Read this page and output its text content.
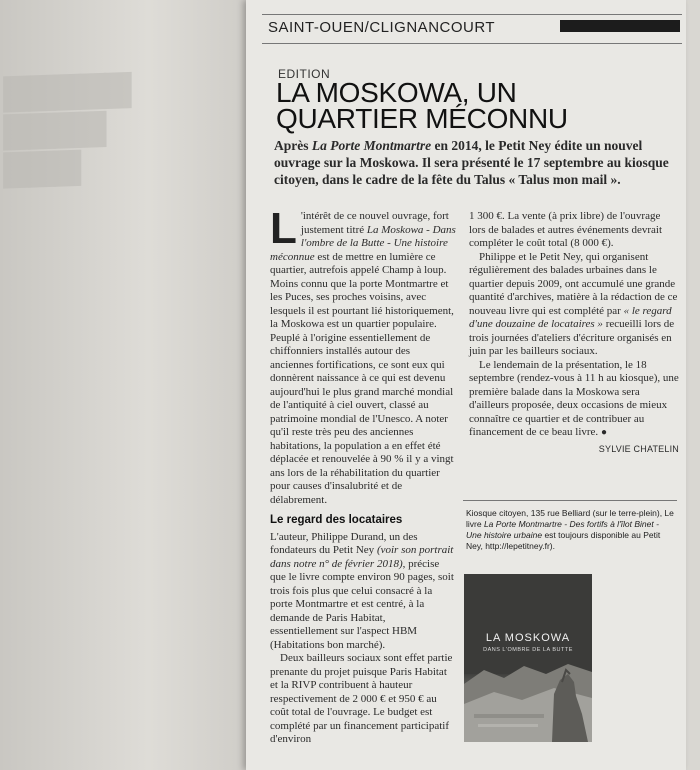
▇▇▇▇▇
▇▇▇▇
▇▇▇
SAINT-OUEN/CLIGNANCOURT
EDITION
LA MOSKOWA, UN
QUARTIER MÉCONNU
Après La Porte Montmartre en 2014, le Petit Ney édite un nouvel ouvrage sur la Moskowa. Il sera présenté le 17 septembre au kiosque citoyen, dans le cadre de la fête du Talus « Talus mon mail ».

L 'intérêt de ce nouvel ouvrage, fort justement titré La Moskowa - Dans l'ombre de la Butte - Une histoire méconnue est de mettre en lumière ce quartier, autrefois appelé Champ à loup. Moins connu que la porte Montmartre et les Puces, ses proches voisins, avec lesquels il est pourtant lié historiquement, la Moskowa est un quartier populaire. Peuplé à l'origine essentiellement de chiffonniers installés autour des anciennes fortifications, ce sont eux qui donnèrent naissance à ce qui est devenu aujourd'hui le plus grand marché mondial de l'antiquité à ciel ouvert, classé au patrimoine mondial de l'Unesco. A noter qu'il reste très peu des anciennes habitations, la population a en effet été déplacée et renouvelée à 90 % il y a vingt ans lors de la réhabilitation du quartier pour causes d'insalubrité et de délabrement.

Le regard des locataires

L'auteur, Philippe Durand, un des fondateurs du Petit Ney (voir son portrait dans notre n° de février 2018), précise que le livre compte environ 90 pages, soit trois fois plus que celui consacré à la porte Montmartre et est centré, à la demande de Paris Habitat, essentiellement sur l'aspect HBM (Habitations bon marché).

Deux bailleurs sociaux sont effet partie prenante du projet puisque Paris Habitat et la RIVP contribuent à hauteur respectivement de 2 000 € et 950 € au coût total de l'ouvrage. Le budget est complété par un financement participatif d'environ

1 300 €. La vente (à prix libre) de l'ouvrage lors de balades et autres événements devrait compléter le coût total (8 000 €).

Philippe et le Petit Ney, qui organisent régulièrement des balades urbaines dans le quartier depuis 2009, ont accumulé une grande quantité d'archives, matière à la rédaction de ce nouveau livre qui est complété par « le regard d'une douzaine de locataires » recueilli lors de trois journées d'ateliers d'écriture organisés en juin par les bailleurs sociaux.

Le lendemain de la présentation, le 18 septembre (rendez-vous à 11 h au kiosque), une première balade dans la Moskowa sera d'ailleurs proposée, deux occasions de mieux connaître ce quartier et de contribuer au financement de ce beau livre. ●

SYLVIE CHATELIN

Kiosque citoyen, 135 rue Belliard (sur le terre-plein), Le livre La Porte Montmartre - Des fortifs à l'îlot Binet - Une histoire urbaine est toujours disponible au Petit Ney, http://lepetitney.fr).
LA MOSKOWA
DANS L'OMBRE DE LA BUTTE
